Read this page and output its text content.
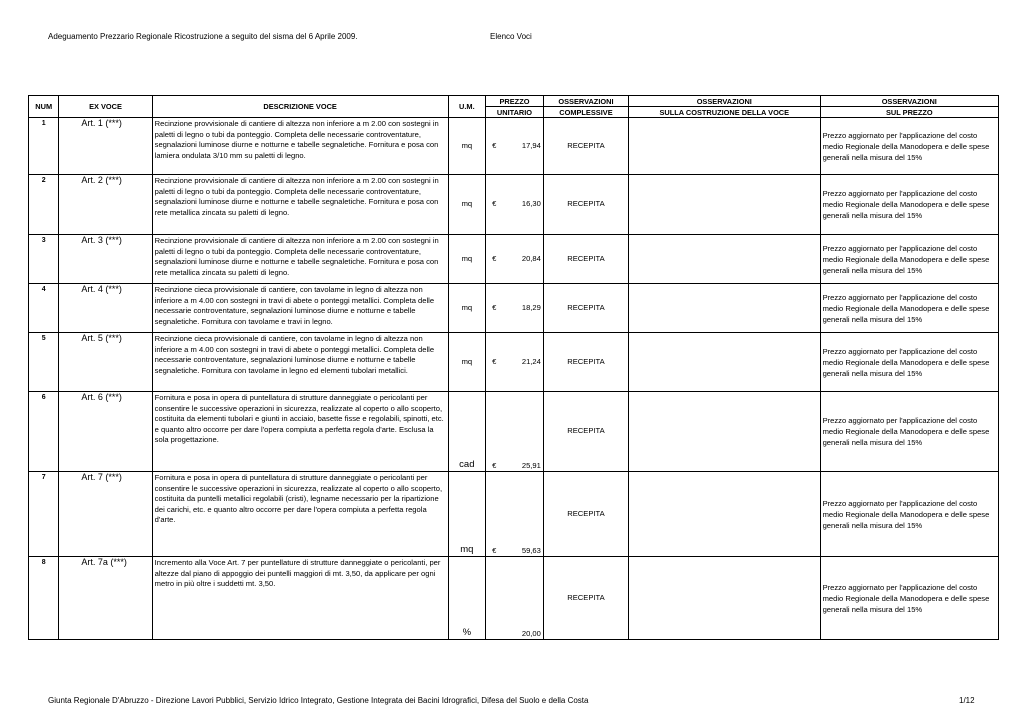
Adeguamento Prezzario Regionale Ricostruzione a seguito del sisma del 6 Aprile 2009.	Elenco Voci
NUM	EX VOCE	DESCRIZIONE VOCE	U.M.	PREZZO	OSSERVAZIONI	OSSERVAZIONI	OSSERVAZIONI
				UNITARIO	COMPLESSIVE	SULLA COSTRUZIONE DELLA VOCE	SUL PREZZO
1	Art. 1 (***)	Recinzione provvisionale di cantiere di altezza non inferiore a m 2.00 con sostegni in paletti di legno o tubi da ponteggio. Completa delle necessarie controventature, segnalazioni luminose diurne e notturne e tabelle segnaletiche. Fornitura e posa con lamiera ondulata 3/10 mm su paletti di legno.	mq	€ 17,94	RECEPITA		Prezzo aggiornato per l'applicazione del costo medio Regionale della Manodopera e delle spese generali nella misura del 15%
2	Art. 2 (***)	Recinzione provvisionale di cantiere di altezza non inferiore a m 2.00 con sostegni in paletti di legno o tubi da ponteggio. Completa delle necessarie controventature, segnalazioni luminose diurne e notturne e tabelle segnaletiche. Fornitura e posa con rete metallica zincata su paletti di legno.	mq	€ 16,30	RECEPITA		Prezzo aggiornato per l'applicazione del costo medio Regionale della Manodopera e delle spese generali nella misura del 15%
3	Art. 3 (***)	Recinzione provvisionale di cantiere di altezza non inferiore a m 2.00 con sostegni in paletti di legno o tubi da ponteggio. Completa delle necessarie controventature, segnalazioni luminose diurne e notturne e tabelle segnaletiche. Fornitura e posa con rete metallica zincata su paletti di legno.	mq	€ 20,84	RECEPITA		Prezzo aggiornato per l'applicazione del costo medio Regionale della Manodopera e delle spese generali nella misura del 15%
4	Art. 4 (***)	Recinzione cieca provvisionale di cantiere, con tavolame in legno di altezza non inferiore a m 4.00 con sostegni in travi di abete o ponteggi metallici. Completa delle necessarie controventature, segnalazioni luminose diurne e notturne e tabelle segnaletiche. Fornitura con tavolame e travi in legno.	mq	€ 18,29	RECEPITA		Prezzo aggiornato per l'applicazione del costo medio Regionale della Manodopera e delle spese generali nella misura del 15%
5	Art. 5 (***)	Recinzione cieca provvisionale di cantiere, con tavolame in legno di altezza non inferiore a m 4.00 con sostegni in travi di abete o ponteggi metallici. Completa delle necessarie controventature, segnalazioni luminose diurne e notturne e tabelle segnaletiche. Fornitura con tavolame in legno ed elementi tubolari metallici.	mq	€ 21,24	RECEPITA		Prezzo aggiornato per l'applicazione del costo medio Regionale della Manodopera e delle spese generali nella misura del 15%
6	Art. 6 (***)	Fornitura e posa in opera di puntellatura di strutture danneggiate o pericolanti per consentire le successive operazioni in sicurezza, realizzate al coperto o allo scoperto, costituita da elementi tubolari e giunti in acciaio, basette fisse e regolabili, spinotti, etc. e quanto altro occorre per dare l'opera compiuta a perfetta regola d'arte. Esclusa la sola progettazione.	cad	€ 25,91	RECEPITA		Prezzo aggiornato per l'applicazione del costo medio Regionale della Manodopera e delle spese generali nella misura del 15%
7	Art. 7 (***)	Fornitura e posa in opera di puntellatura di strutture danneggiate o pericolanti per consentire le successive operazioni in sicurezza, realizzate al coperto o allo scoperto, costituita da puntelli metallici regolabili (cristi), legname necessario per la ripartizione dei carichi, etc. e quanto altro occorre per dare l'opera compiuta a perfetta regola d'arte.	mq	€ 59,63	RECEPITA		Prezzo aggiornato per l'applicazione del costo medio Regionale della Manodopera e delle spese generali nella misura del 15%
8	Art. 7a (***)	Incremento alla Voce Art. 7 per puntellature di strutture danneggiate o pericolanti, per altezze dal piano di appoggio dei puntelli maggiori di mt. 3,50, da applicare per ogni metro in più oltre i suddetti mt. 3,50.	%	20,00	RECEPITA		Prezzo aggiornato per l'applicazione del costo medio Regionale della Manodopera e delle spese generali nella misura del 15%
Giunta Regionale D'Abruzzo - Direzione Lavori Pubblici, Servizio Idrico Integrato, Gestione Integrata dei Bacini Idrografici, Difesa del Suolo e della Costa	1/12
